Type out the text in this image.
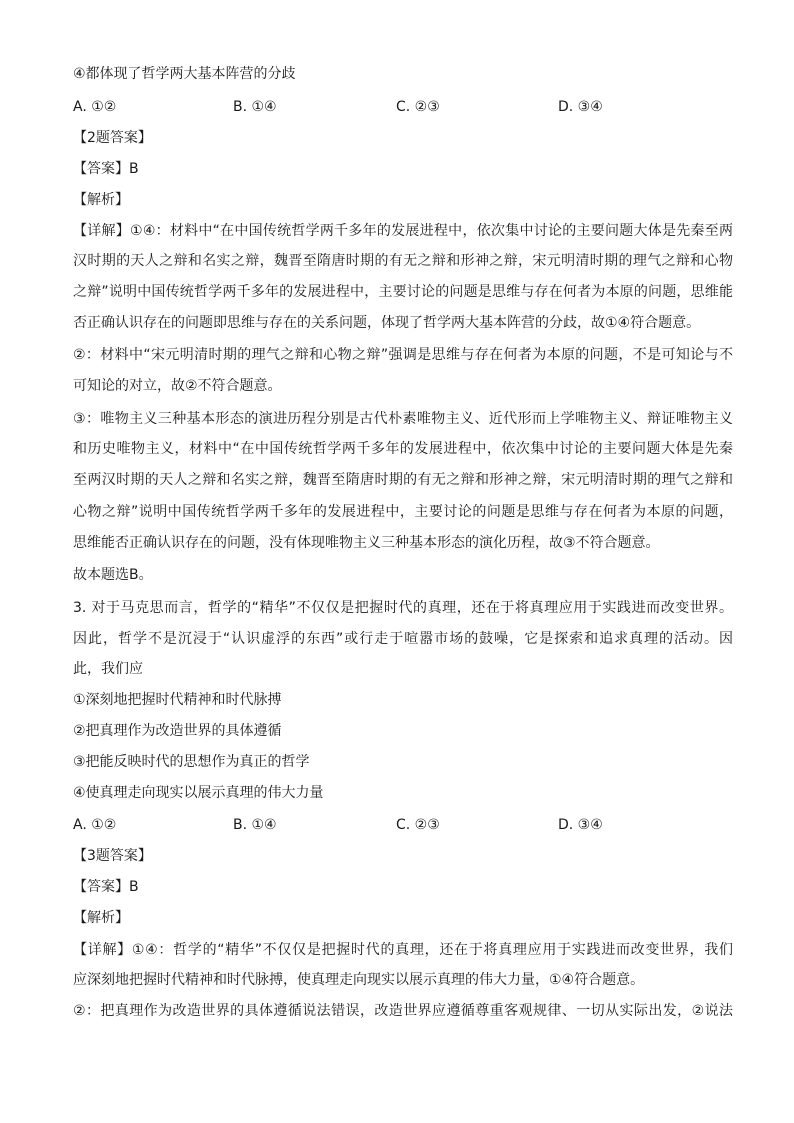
④都体现了哲学两大基本阵营的分歧
A. ①②	B. ①④	C. ②③	D. ③④
【2题答案】
【答案】B
【解析】
【详解】①④：材料中“在中国传统哲学两千多年的发展进程中，依次集中讨论的主要问题大体是先秦至两
汉时期的天人之辩和名实之辩，魏晋至隋唐时期的有无之辩和形神之辩，宋元明清时期的理气之辩和心物
之辩”说明中国传统哲学两千多年的发展进程中，主要讨论的问题是思维与存在何者为本原的问题，思维能
否正确认识存在的问题即思维与存在的关系问题，体现了哲学两大基本阵营的分歧，故①④符合题意。
②：材料中“宋元明清时期的理气之辩和心物之辩”强调是思维与存在何者为本原的问题，不是可知论与不
可知论的对立，故②不符合题意。
③：唯物主义三种基本形态的演进历程分别是古代朴素唯物主义、近代形而上学唯物主义、辩证唯物主义
和历史唯物主义，材料中“在中国传统哲学两千多年的发展进程中，依次集中讨论的主要问题大体是先秦
至两汉时期的天人之辩和名实之辩，魏晋至隋唐时期的有无之辩和形神之辩，宋元明清时期的理气之辩和
心物之辩”说明中国传统哲学两千多年的发展进程中，主要讨论的问题是思维与存在何者为本原的问题，
思维能否正确认识存在的问题，没有体现唯物主义三种基本形态的演化历程，故③不符合题意。
故本题选B。
3. 对于马克思而言，哲学的“精华”不仅仅是把握时代的真理，还在于将真理应用于实践进而改变世界。
因此，哲学不是沉浸于“认识虚浮的东西”或行走于喧嚣市场的鼓噪，它是探索和追求真理的活动。因
此，我们应
①深刻地把握时代精神和时代脉搏
②把真理作为改造世界的具体遵循
③把能反映时代的思想作为真正的哲学
④使真理走向现实以展示真理的伟大力量
A. ①②	B. ①④	C. ②③	D. ③④
【3题答案】
【答案】B
【解析】
【详解】①④：哲学的“精华”不仅仅是把握时代的真理，还在于将真理应用于实践进而改变世界，我们
应深刻地把握时代精神和时代脉搏，使真理走向现实以展示真理的伟大力量，①④符合题意。
②：把真理作为改造世界的具体遵循说法错误，改造世界应遵循尊重客观规律、一切从实际出发，②说法
